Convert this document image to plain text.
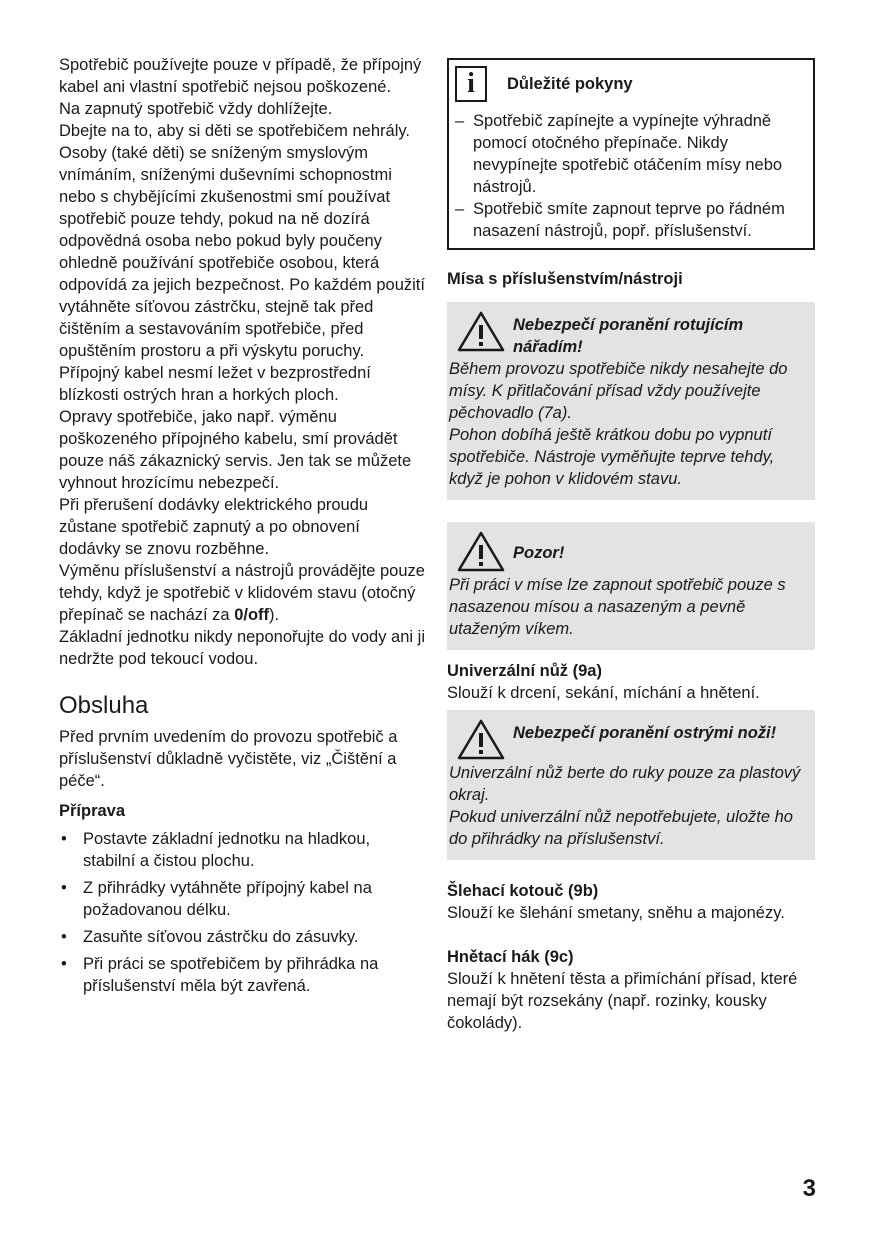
Spotřebič používejte pouze v případě, že přípojný kabel ani vlastní spotřebič nejsou poškozené.

Na zapnutý spotřebič vždy dohlížejte.

Dbejte na to, aby si děti se spotřebičem nehrály. Osoby (také děti) se sníženým smyslovým vnímáním, sníženými duševními schopnostmi nebo s chybějícími zkušenostmi smí používat spotřebič pouze tehdy, pokud na ně dozírá odpovědná osoba nebo pokud byly poučeny ohledně používání spotřebiče osobou, která odpovídá za jejich bezpečnost. Po každém použití vytáhněte síťovou zástrčku, stejně tak před čištěním a sestavováním spotřebiče, před opuštěním prostoru a při výskytu poruchy.

Přípojný kabel nesmí ležet v bezprostřední blízkosti ostrých hran a horkých ploch.

Opravy spotřebiče, jako např. výměnu poškozeného přípojného kabelu, smí provádět pouze náš zákaznický servis. Jen tak se můžete vyhnout hrozícímu nebezpečí.

Při přerušení dodávky elektrického proudu zůstane spotřebič zapnutý a po obnovení dodávky se znovu rozběhne.

Výměnu příslušenství a nástrojů provádějte pouze tehdy, když je spotřebič v klidovém stavu (otočný přepínač se nachází za 0/off).

Základní jednotku nikdy neponořujte do vody ani ji nedržte pod tekoucí vodou.

Obsluha

Před prvním uvedením do provozu spotřebič a příslušenství důkladně vyčistěte, viz „Čištění a péče“.

Příprava
• Postavte základní jednotku na hladkou, stabilní a čistou plochu.
• Z přihrádky vytáhněte přípojný kabel na požadovanou délku.
• Zasuňte síťovou zástrčku do zásuvky.
• Při práci se spotřebičem by přihrádka na příslušenství měla být zavřená.
i	Důležité pokyny
– Spotřebič zapínejte a vypínejte výhradně pomocí otočného přepínače. Nikdy nevypínejte spotřebič otáčením mísy nebo nástrojů.
– Spotřebič smíte zapnout teprve po řádném nasazení nástrojů, popř. příslušenství.
Mísa s příslušenstvím/nástroji
Nebezpečí poranění rotujícím nářadím!

Během provozu spotřebiče nikdy nesahejte do mísy. K přitlačování přísad vždy používejte pěchovadlo (7a).

Pohon dobíhá ještě krátkou dobu po vypnutí spotřebiče. Nástroje vyměňujte teprve tehdy, když je pohon v klidovém stavu.

Pozor!

Při práci v míse lze zapnout spotřebič pouze s nasazenou mísou a nasazeným a pevně utaženým víkem.

Univerzální nůž (9a)

Slouží k drcení, sekání, míchání a hnětení.

Nebezpečí poranění ostrými noži!

Univerzální nůž berte do ruky pouze za plastový okraj.

Pokud univerzální nůž nepotřebujete, uložte ho do přihrádky na příslušenství.

Šlehací kotouč (9b)

Slouží ke šlehání smetany, sněhu a majonézy.

Hnětací hák (9c)

Slouží k hnětení těsta a přimíchání přísad, které nemají být rozsekány (např. rozinky, kousky čokolády).

3
